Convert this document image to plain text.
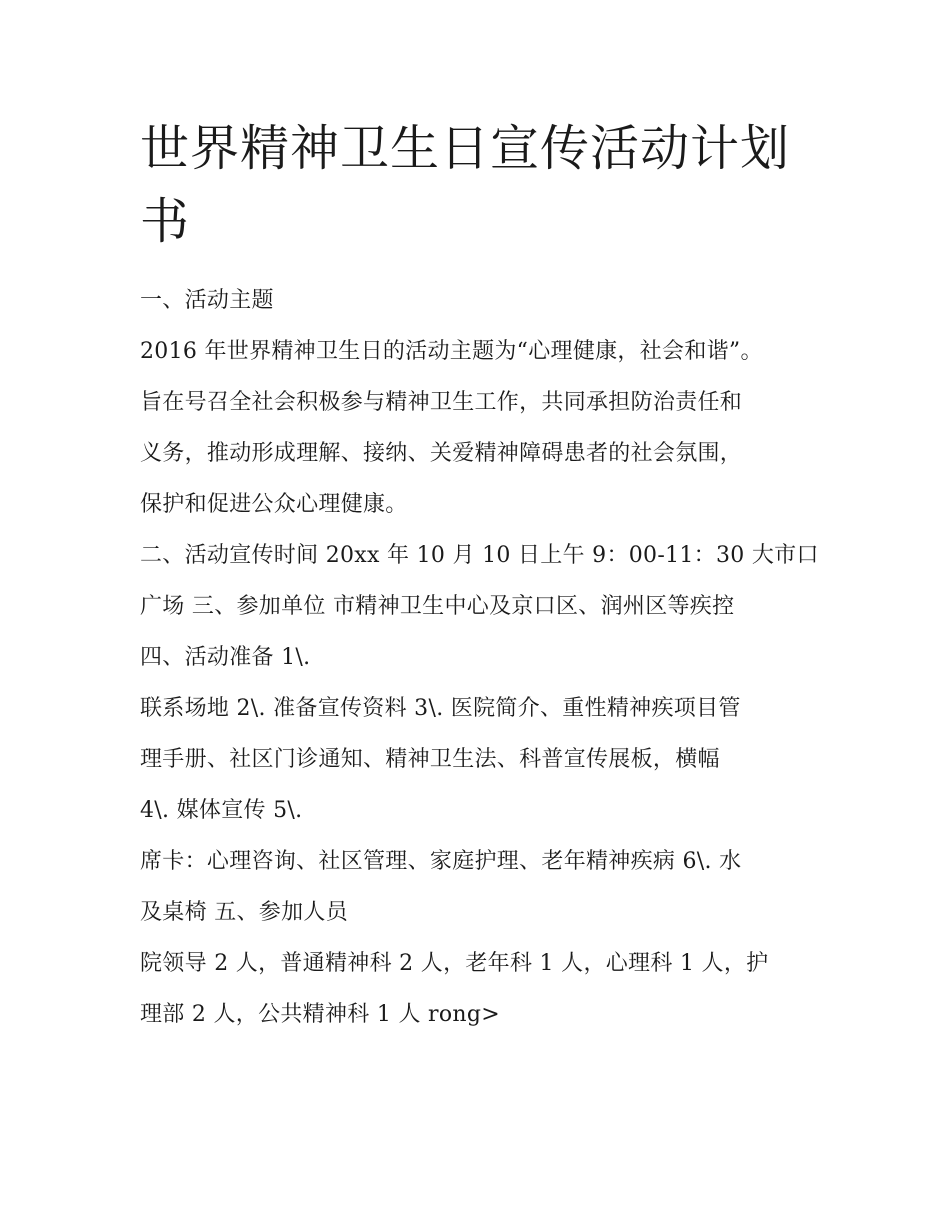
世界精神卫生日宣传活动计划
书
一、活动主题
2016 年世界精神卫生日的活动主题为“心理健康，社会和谐”。
旨在号召全社会积极参与精神卫生工作，共同承担防治责任和
义务，推动形成理解、接纳、关爱精神障碍患者的社会氛围，
保护和促进公众心理健康。
二、活动宣传时间 20xx 年 10 月 10 日上午 9：00-11：30 大市口
广场 三、参加单位 市精神卫生中心及京口区、润州区等疾控
四、活动准备 1\.
联系场地 2\. 准备宣传资料 3\. 医院简介、重性精神疾项目管
理手册、社区门诊通知、精神卫生法、科普宣传展板，横幅
4\. 媒体宣传 5\.
席卡：心理咨询、社区管理、家庭护理、老年精神疾病 6\. 水
及桌椅 五、参加人员
院领导 2 人，普通精神科 2 人，老年科 1 人，心理科 1 人，护
理部 2 人，公共精神科 1 人 rong>
